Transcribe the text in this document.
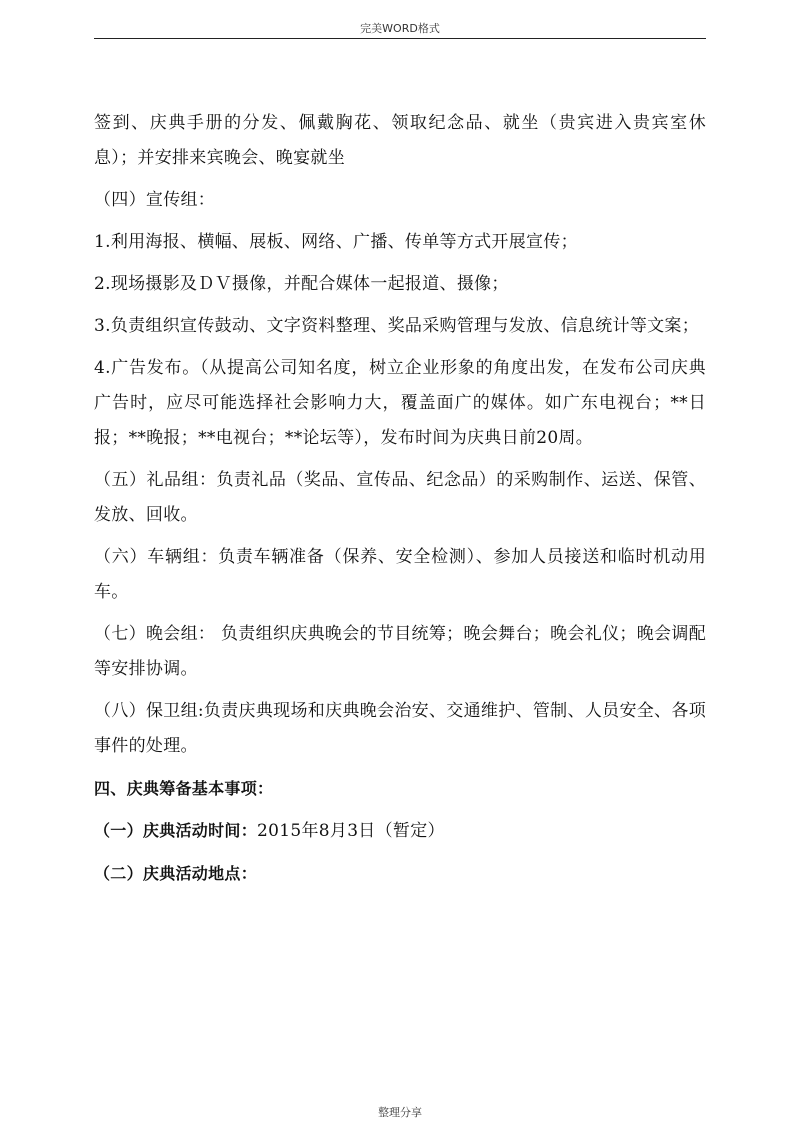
完美WORD格式

签到、庆典手册的分发、佩戴胸花、领取纪念品、就坐（贵宾进入贵宾室休息）；并安排来宾晚会、晚宴就坐

（四）宣传组：

1.利用海报、横幅、展板、网络、广播、传单等方式开展宣传；

2.现场摄影及ＤＶ摄像，并配合媒体一起报道、摄像；

3.负责组织宣传鼓动、文字资料整理、奖品采购管理与发放、信息统计等文案；

4.广告发布。（从提高公司知名度，树立企业形象的角度出发，在发布公司庆典广告时，应尽可能选择社会影响力大，覆盖面广的媒体。如广东电视台；**日报；**晚报；**电视台；**论坛等），发布时间为庆典日前20周。

（五）礼品组：负责礼品（奖品、宣传品、纪念品）的采购制作、运送、保管、发放、回收。

（六）车辆组：负责车辆准备（保养、安全检测）、参加人员接送和临时机动用车。

（七）晚会组： 负责组织庆典晚会的节目统筹；晚会舞台；晚会礼仪；晚会调配等安排协调。

（八）保卫组:负责庆典现场和庆典晚会治安、交通维护、管制、人员安全、各项事件的处理。

四、庆典筹备基本事项：

（一）庆典活动时间：2015年8月3日（暂定）

（二）庆典活动地点：

整理分享
